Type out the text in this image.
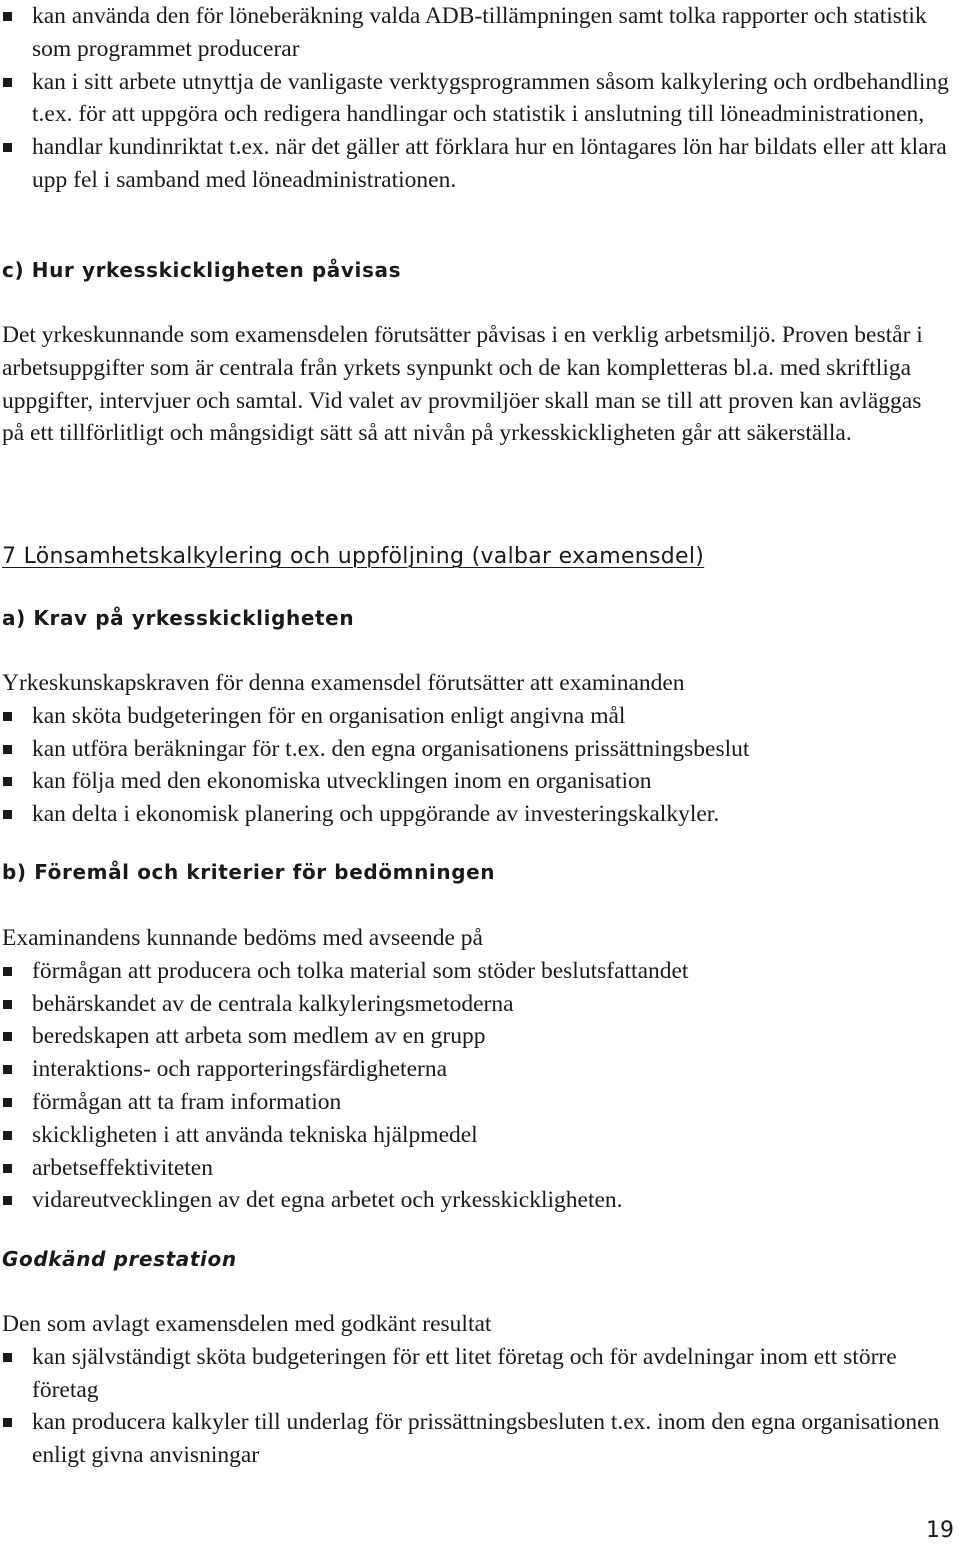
kan använda den för löneberäkning valda ADB-tillämpningen samt tolka rapporter och statistik som programmet producerar
kan i sitt arbete utnyttja de vanligaste verktygsprogrammen såsom kalkylering och ordbehandling t.ex. för att uppgöra och redigera handlingar och statistik i anslutning till löneadministrationen,
handlar kundinriktat t.ex. när det gäller att förklara hur en löntagares lön har bildats eller att klara upp fel i samband med löneadministrationen.
c) Hur yrkesskickligheten påvisas

Det yrkeskunnande som examensdelen förutsätter påvisas i en verklig arbetsmiljö. Proven består i arbetsuppgifter som är centrala från yrkets synpunkt och de kan kompletteras bl.a. med skriftliga uppgifter, intervjuer och samtal. Vid valet av provmiljöer skall man se till att proven kan avläggas på ett tillförlitligt och mångsidigt sätt så att nivån på yrkesskickligheten går att säkerställa.

7 Lönsamhetskalkylering och uppföljning (valbar examensdel)
a) Krav på yrkesskickligheten

Yrkeskunskapskraven för denna examensdel förutsätter att examinanden

kan sköta budgeteringen för en organisation enligt angivna mål
kan utföra beräkningar för t.ex. den egna organisationens prissättningsbeslut
kan följa med den ekonomiska utvecklingen inom en organisation
kan delta i ekonomisk planering och uppgörande av investeringskalkyler.
b) Föremål och kriterier för bedömningen

Examinandens kunnande bedöms med avseende på

förmågan att producera och tolka material som stöder beslutsfattandet
behärskandet av de centrala kalkyleringsmetoderna
beredskapen att arbeta som medlem av en grupp
interaktions- och rapporteringsfärdigheterna
förmågan att ta fram information
skickligheten i att använda tekniska hjälpmedel
arbetseffektiviteten
vidareutvecklingen av det egna arbetet och yrkesskickligheten.
Godkänd prestation

Den som avlagt examensdelen med godkänt resultat

kan självständigt sköta budgeteringen för ett litet företag och för avdelningar inom ett större företag
kan producera kalkyler till underlag för prissättningsbesluten t.ex. inom den egna organisationen enligt givna anvisningar
19
